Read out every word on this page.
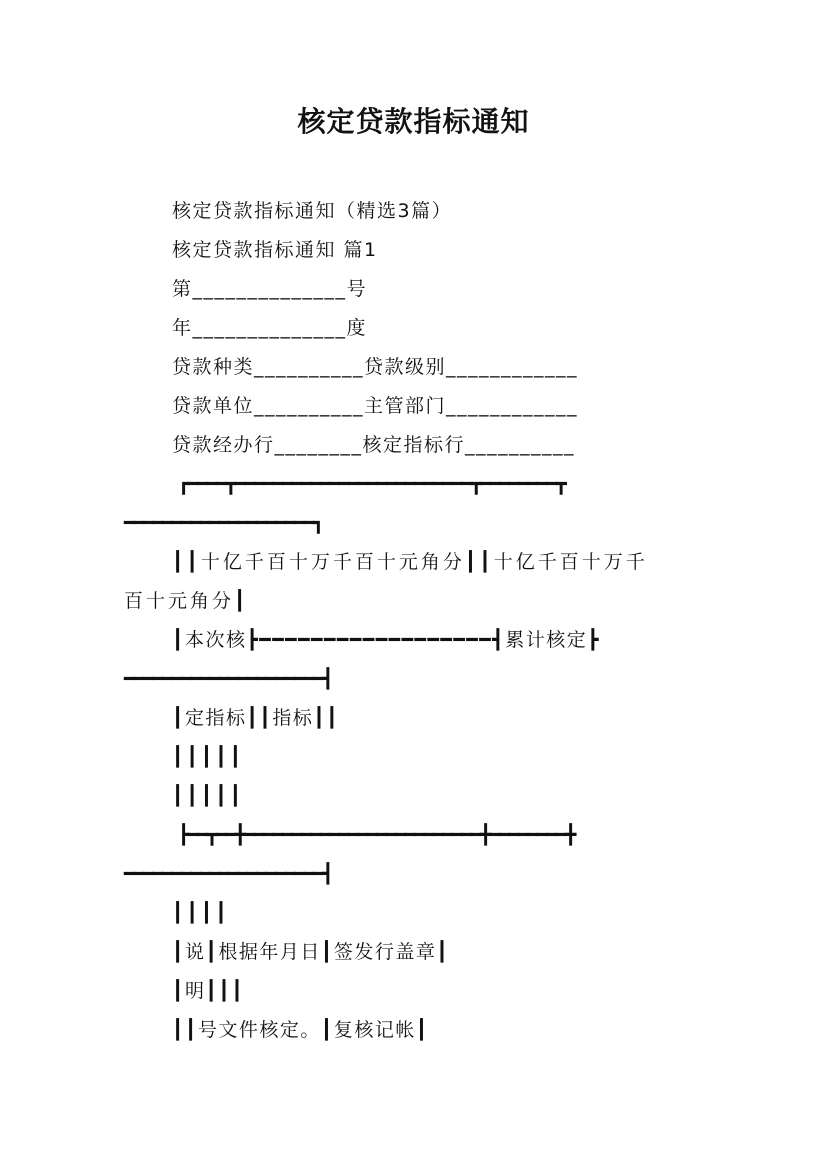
核定贷款指标通知

核定贷款指标通知（精选3篇）

核定贷款指标通知 篇1

第______________号

年______________度

贷款种类__________贷款级别____________

贷款单位__________主管部门____________

贷款经办行________核定指标行__________

┏━━━━┳━━━━━━━━━━━━━━━━━━━━━━━━━┳━━━━━━━━┳

━━━━━━━━━━━━━━━━━━━━┓

┃┃十亿千百十万千百十元角分┃┃十亿千百十万千

百十元角分┃

┃本次核┣━━━━━━━━━━━━━━━━━━┫累计核定┣

━━━━━━━━━━━━━━━━━━━━━┫

┃定指标┃┃指标┃┃

┃┃┃┃┃

┃┃┃┃┃

┣━━┳━━╋━━━━━━━━━━━━━━━━━━━━━━━━━╋━━━━━━━━╋

━━━━━━━━━━━━━━━━━━━━━┫

┃┃┃┃

┃说┃根据年月日┃签发行盖章┃

┃明┃┃┃

┃┃号文件核定。┃复核记帐┃
